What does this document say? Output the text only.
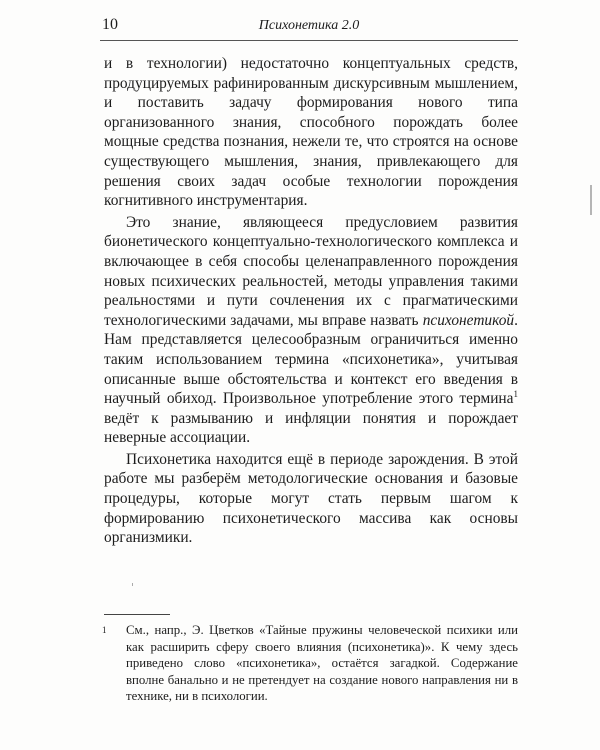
10	Психонетика 2.0

и в технологии) недостаточно концептуальных средств, продуцируемых рафинированным дискурсивным мышлением, и поставить задачу формирования нового типа организованного знания, способного порождать более мощные средства познания, нежели те, что строятся на основе существующего мышления, знания, привлекающего для решения своих задач особые технологии порождения когнитивного инструментария.

Это знание, являющееся предусловием развития бионетического концептуально-технологического комплекса и включающее в себя способы целенаправленного порождения новых психических реальностей, методы управления такими реальностями и пути сочленения их с прагматическими технологическими задачами, мы вправе назвать психонетикой. Нам представляется целесообразным ограничиться именно таким использованием термина «психонетика», учитывая описанные выше обстоятельства и контекст его введения в научный обиход. Произвольное употребление этого термина$^1$ ведёт к размыванию и инфляции понятия и порождает неверные ассоциации.

Психонетика находится ещё в периоде зарождения. В этой работе мы разберём методологические основания и базовые процедуры, которые могут стать первым шагом к формированию психонетического массива как основы организмики.

1	См., напр., Э. Цветков «Тайные пружины человеческой психики или как расширить сферу своего влияния (психонетика)». К чему здесь приведено слово «психонетика», остаётся загадкой. Содержание вполне банально и не претендует на создание нового направления ни в технике, ни в психологии.
